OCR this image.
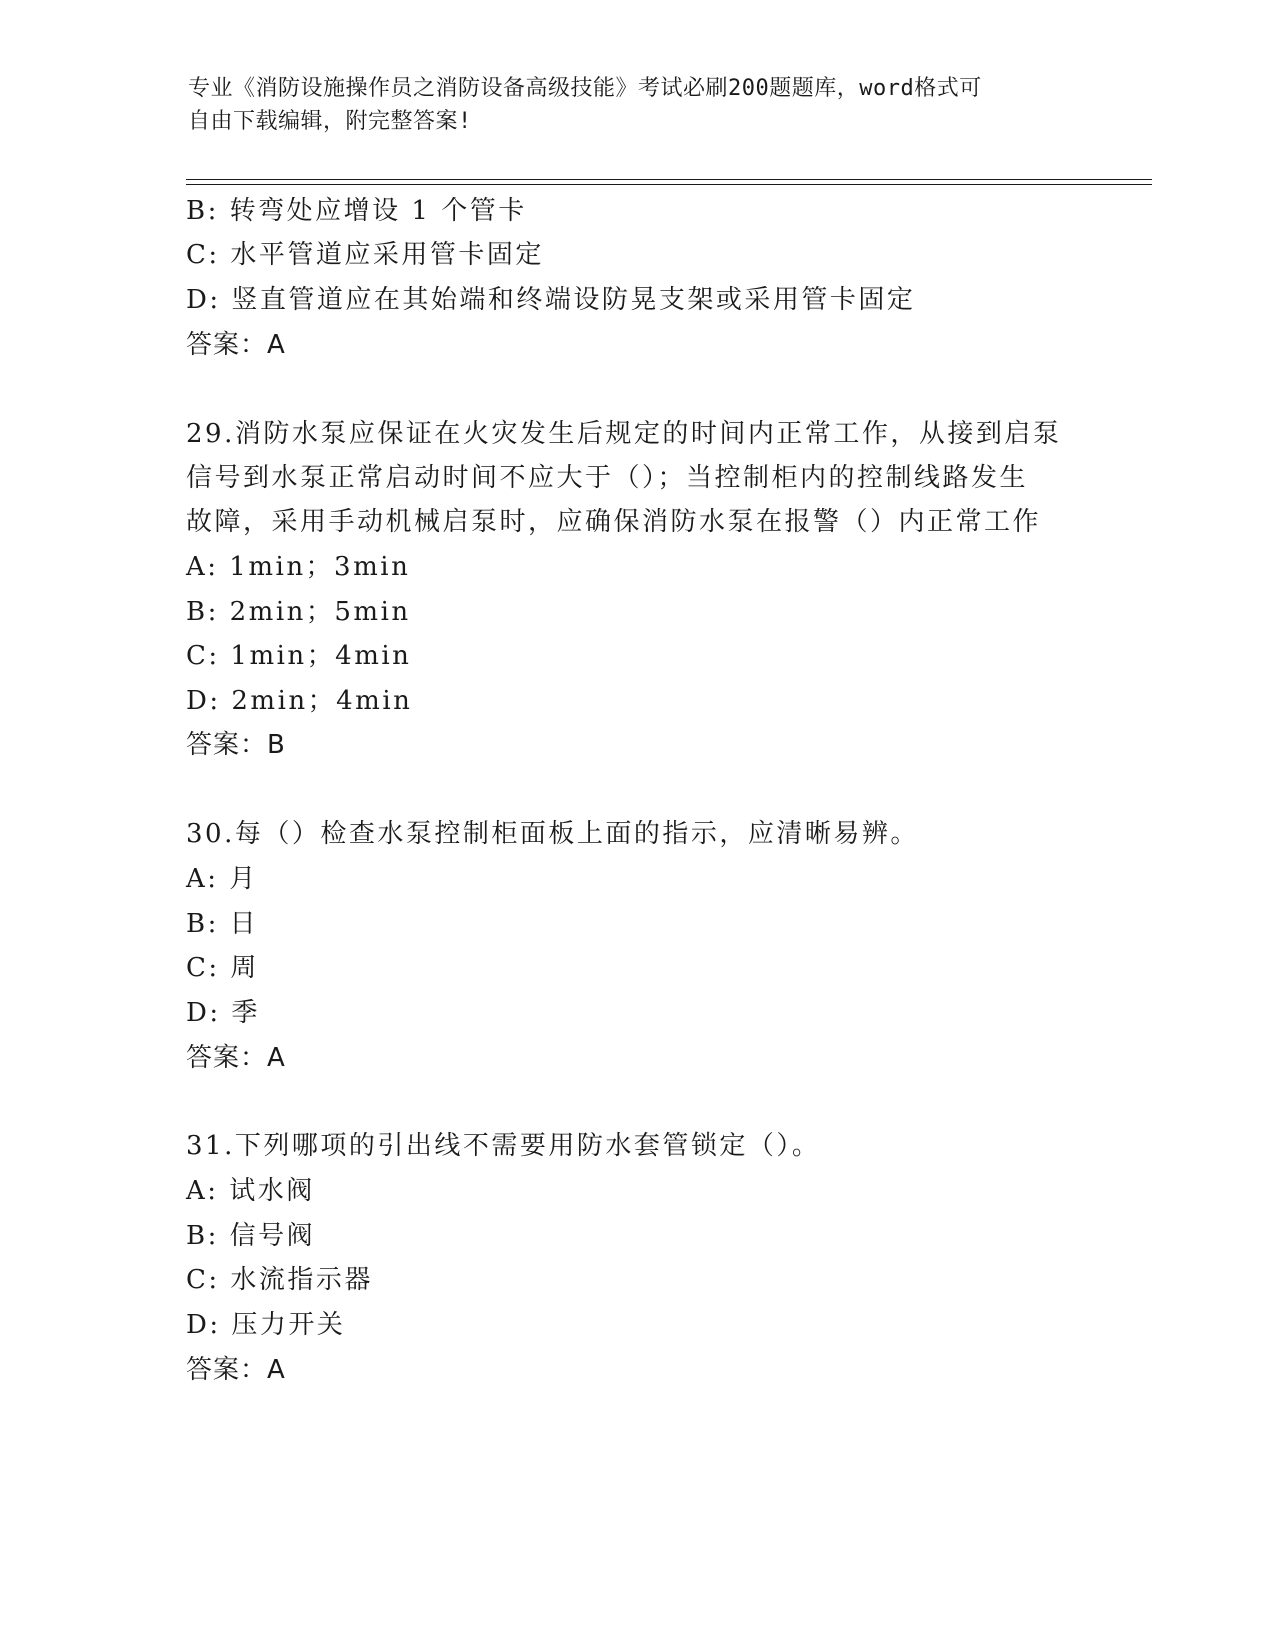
专业《消防设施操作员之消防设备高级技能》考试必刷200题题库，word格式可
自由下载编辑，附完整答案!
B: 转弯处应增设 1 个管卡
C: 水平管道应采用管卡固定
D: 竖直管道应在其始端和终端设防晃支架或采用管卡固定
答案：A
29.消防水泵应保证在火灾发生后规定的时间内正常工作，从接到启泵
信号到水泵正常启动时间不应大于（）；当控制柜内的控制线路发生
故障，采用手动机械启泵时，应确保消防水泵在报警（）内正常工作
A: 1min；3min
B: 2min；5min
C: 1min；4min
D: 2min；4min
答案：B
30.每（）检查水泵控制柜面板上面的指示，应清晰易辨。
A: 月
B: 日
C: 周
D: 季
答案：A
31.下列哪项的引出线不需要用防水套管锁定（）。
A: 试水阀
B: 信号阀
C: 水流指示器
D: 压力开关
答案：A
